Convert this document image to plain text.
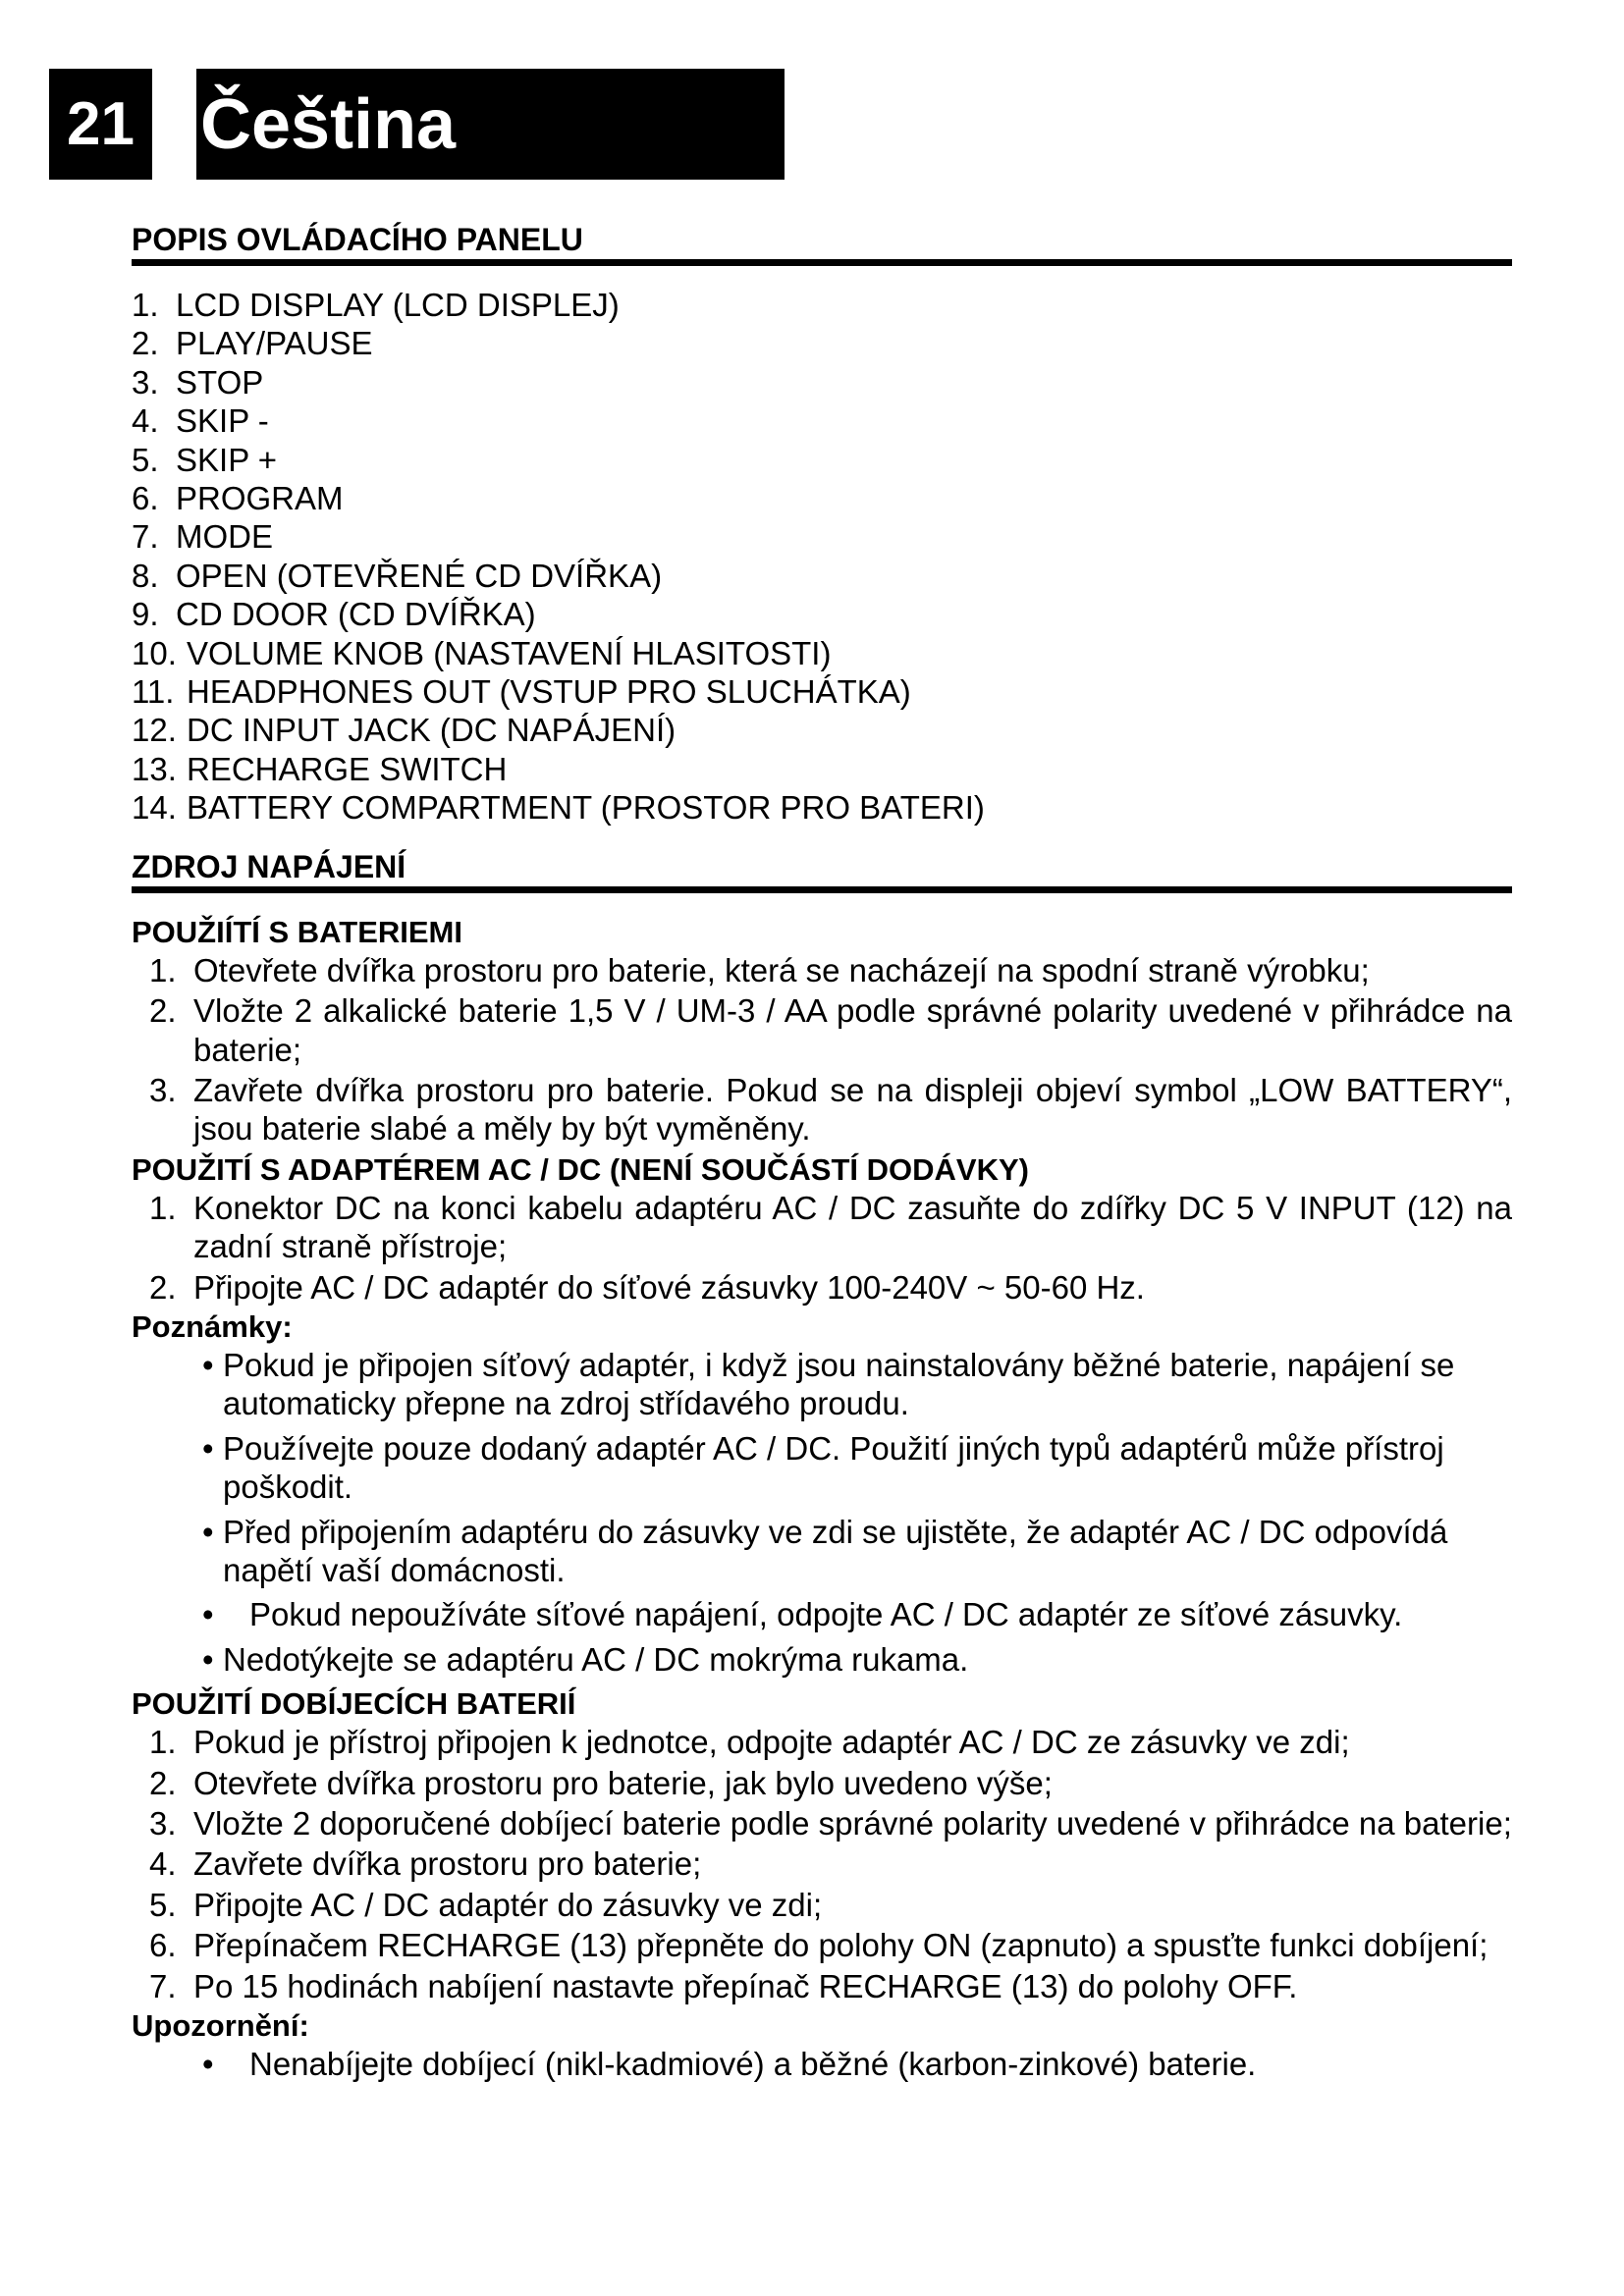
21 Čeština
POPIS OVLÁDACÍHO PANELU
1. LCD DISPLAY (LCD DISPLEJ)
2. PLAY/PAUSE
3. STOP
4. SKIP -
5. SKIP +
6. PROGRAM
7. MODE
8. OPEN (OTEVŘENÉ CD DVÍŘKA)
9. CD DOOR (CD DVÍŘKA)
10. VOLUME KNOB (NASTAVENÍ HLASITOSTI)
11. HEADPHONES OUT (VSTUP PRO SLUCHÁTKA)
12. DC INPUT JACK (DC NAPÁJENÍ)
13. RECHARGE SWITCH
14. BATTERY COMPARTMENT (PROSTOR PRO BATERI)
ZDROJ NAPÁJENÍ
POUŽIÍTÍ S BATERIEMI
1. Otevřete dvířka prostoru pro baterie, která se nacházejí na spodní straně výrobku;
2. Vložte 2 alkalické baterie 1,5 V / UM-3 / AA podle správné polarity uvedené v přihrádce na baterie;
3. Zavřete dvířka prostoru pro baterie. Pokud se na displeji objeví symbol „LOW BATTERY“, jsou baterie slabé a měly by být vyměněny.
POUŽITÍ S ADAPTÉREM AC / DC (NENÍ SOUČÁSTÍ DODÁVKY)
1. Konektor DC na konci kabelu adaptéru AC / DC zasuňte do zdířky DC 5 V INPUT (12) na zadní straně přístroje;
2. Připojte AC / DC adaptér do síťové zásuvky 100-240V ~ 50-60 Hz.
Poznámky:
• Pokud je připojen síťový adaptér, i když jsou nainstalovány běžné baterie, napájení se automaticky přepne na zdroj střídavého proudu.
• Používejte pouze dodaný adaptér AC / DC. Použití jiných typů adaptérů může přístroj poškodit.
• Před připojením adaptéru do zásuvky ve zdi se ujistěte, že adaptér AC / DC odpovídá napětí vaší domácnosti.
• Pokud nepoužíváte síťové napájení, odpojte AC / DC adaptér ze síťové zásuvky.
• Nedotýkejte se adaptéru AC / DC mokrýma rukama.
POUŽITÍ DOBÍJECÍCH BATERIÍ
1. Pokud je přístroj připojen k jednotce, odpojte adaptér AC / DC ze zásuvky ve zdi;
2. Otevřete dvířka prostoru pro baterie, jak bylo uvedeno výše;
3. Vložte 2 doporučené dobíjecí baterie podle správné polarity uvedené v přihrádce na baterie;
4. Zavřete dvířka prostoru pro baterie;
5. Připojte AC / DC adaptér do zásuvky ve zdi;
6. Přepínačem RECHARGE (13) přepněte do polohy ON (zapnuto) a spusťte funkci dobíjení;
7. Po 15 hodinách nabíjení nastavte přepínač RECHARGE (13) do polohy OFF.
Upozornění:
• Nenabíjejte dobíjecí (nikl-kadmiové) a běžné (karbon-zinkové) baterie.
